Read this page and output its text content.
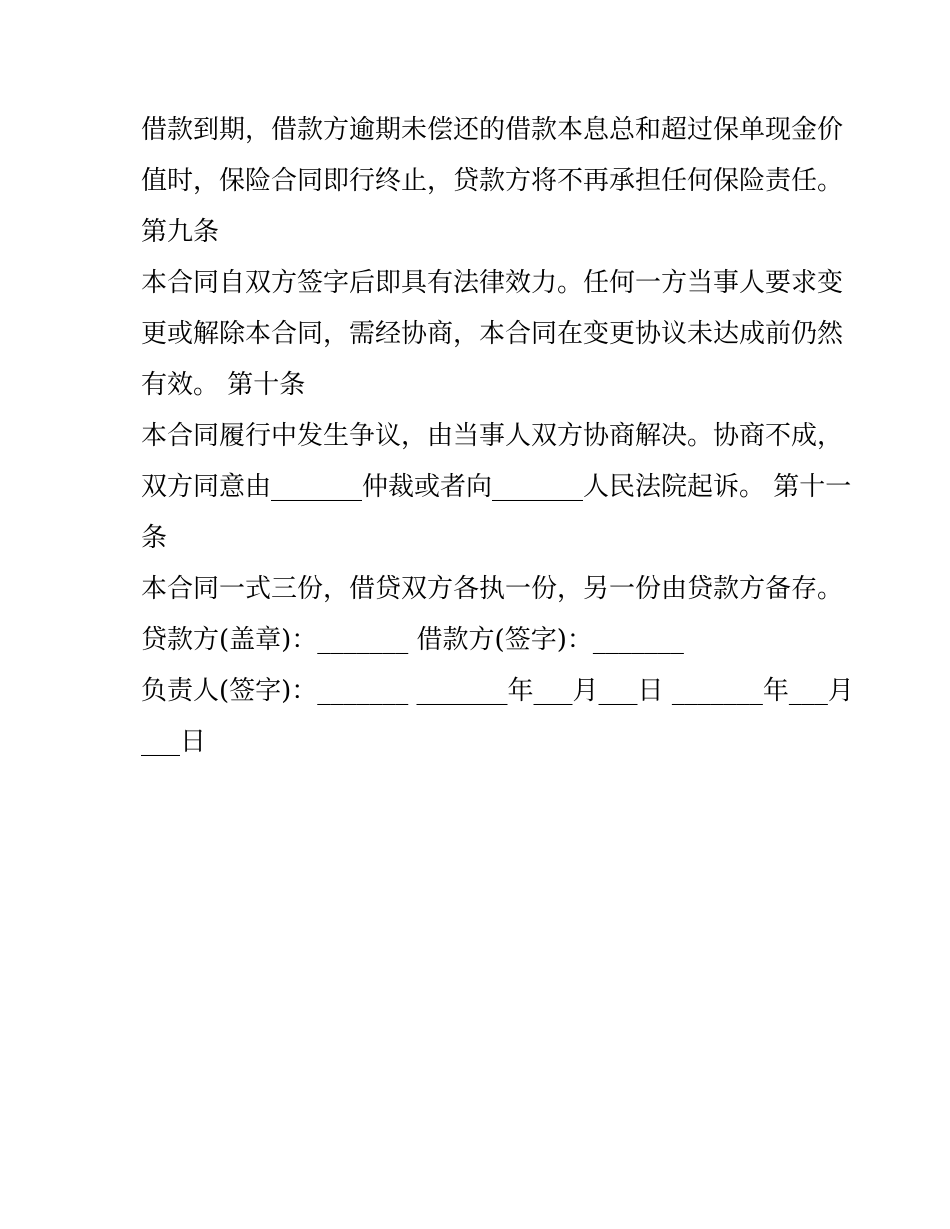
借款到期，借款方逾期未偿还的借款本息总和超过保单现金价
值时，保险合同即行终止，贷款方将不再承担任何保险责任。
第九条
本合同自双方签字后即具有法律效力。任何一方当事人要求变
更或解除本合同，需经协商，本合同在变更协议未达成前仍然
有效。 第十条
本合同履行中发生争议，由当事人双方协商解决。协商不成，
双方同意由_______仲裁或者向_______人民法院起诉。 第十一
条
本合同一式三份，借贷双方各执一份，另一份由贷款方备存。
贷款方(盖章)：_______ 借款方(签字)：_______
负责人(签字)：_______ _______年___月___日 _______年___月
___日
